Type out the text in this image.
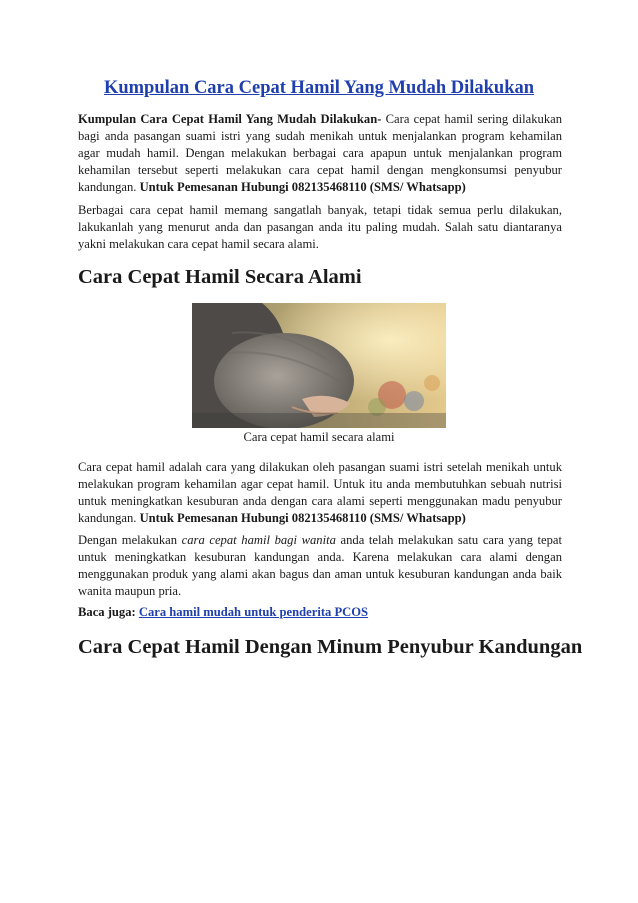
Kumpulan Cara Cepat Hamil Yang Mudah Dilakukan

Kumpulan Cara Cepat Hamil Yang Mudah Dilakukan- Cara cepat hamil sering dilakukan bagi anda pasangan suami istri yang sudah menikah untuk menjalankan program kehamilan agar mudah hamil. Dengan melakukan berbagai cara apapun untuk menjalankan program kehamilan tersebut seperti melakukan cara cepat hamil dengan mengkonsumsi penyubur kandungan. Untuk Pemesanan Hubungi 082135468110 (SMS/ Whatsapp)

Berbagai cara cepat hamil memang sangatlah banyak, tetapi tidak semua perlu dilakukan, lakukanlah yang menurut anda dan pasangan anda itu paling mudah. Salah satu diantaranya yakni melakukan cara cepat hamil secara alami.

Cara Cepat Hamil Secara Alami

Cara cepat hamil secara alami

Cara cepat hamil adalah cara yang dilakukan oleh pasangan suami istri setelah menikah untuk melakukan program kehamilan agar cepat hamil. Untuk itu anda membutuhkan sebuah nutrisi untuk meningkatkan kesuburan anda dengan cara alami seperti menggunakan madu penyubur kandungan. Untuk Pemesanan Hubungi 082135468110 (SMS/ Whatsapp)

Dengan melakukan cara cepat hamil bagi wanita anda telah melakukan satu cara yang tepat untuk meningkatkan kesuburan kandungan anda. Karena melakukan cara alami dengan menggunakan produk yang alami akan bagus dan aman untuk kesuburan kandungan anda baik wanita maupun pria.

Baca juga: Cara hamil mudah untuk penderita PCOS

Cara Cepat Hamil Dengan Minum Penyubur Kandungan
